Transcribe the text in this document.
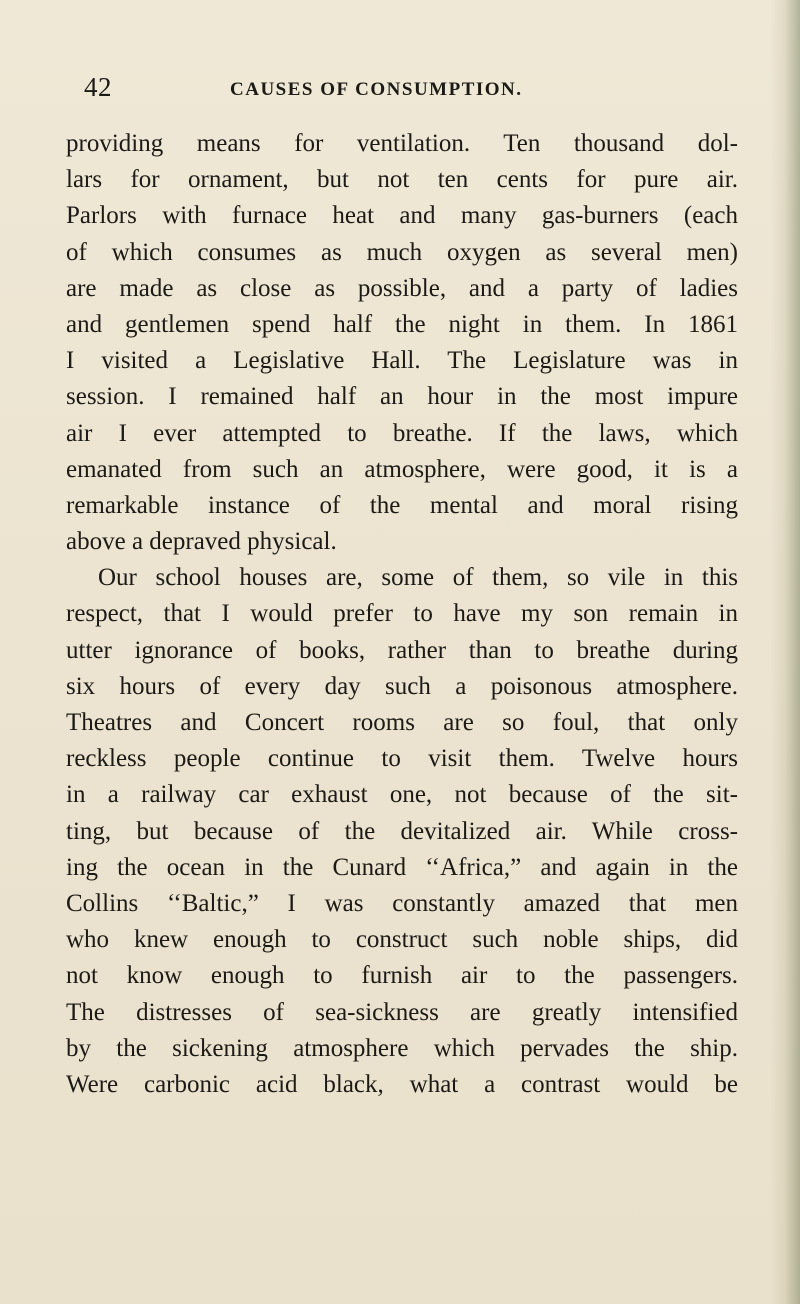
42	CAUSES OF CONSUMPTION.
providing means for ventilation. Ten thousand dol-
lars for ornament, but not ten cents for pure air.
Parlors with furnace heat and many gas-burners (each
of which consumes as much oxygen as several men)
are made as close as possible, and a party of ladies
and gentlemen spend half the night in them. In 1861
I visited a Legislative Hall. The Legislature was in
session. I remained half an hour in the most impure
air I ever attempted to breathe. If the laws, which
emanated from such an atmosphere, were good, it is a
remarkable instance of the mental and moral rising
above a depraved physical.
Our school houses are, some of them, so vile in this
respect, that I would prefer to have my son remain in
utter ignorance of books, rather than to breathe during
six hours of every day such a poisonous atmosphere.
Theatres and Concert rooms are so foul, that only
reckless people continue to visit them. Twelve hours
in a railway car exhaust one, not because of the sit-
ting, but because of the devitalized air. While cross-
ing the ocean in the Cunard ‘‘Africa,” and again in the
Collins ‘‘Baltic,” I was constantly amazed that men
who knew enough to construct such noble ships, did
not know enough to furnish air to the passengers.
The distresses of sea-sickness are greatly intensified
by the sickening atmosphere which pervades the ship.
Were carbonic acid black, what a contrast would be
